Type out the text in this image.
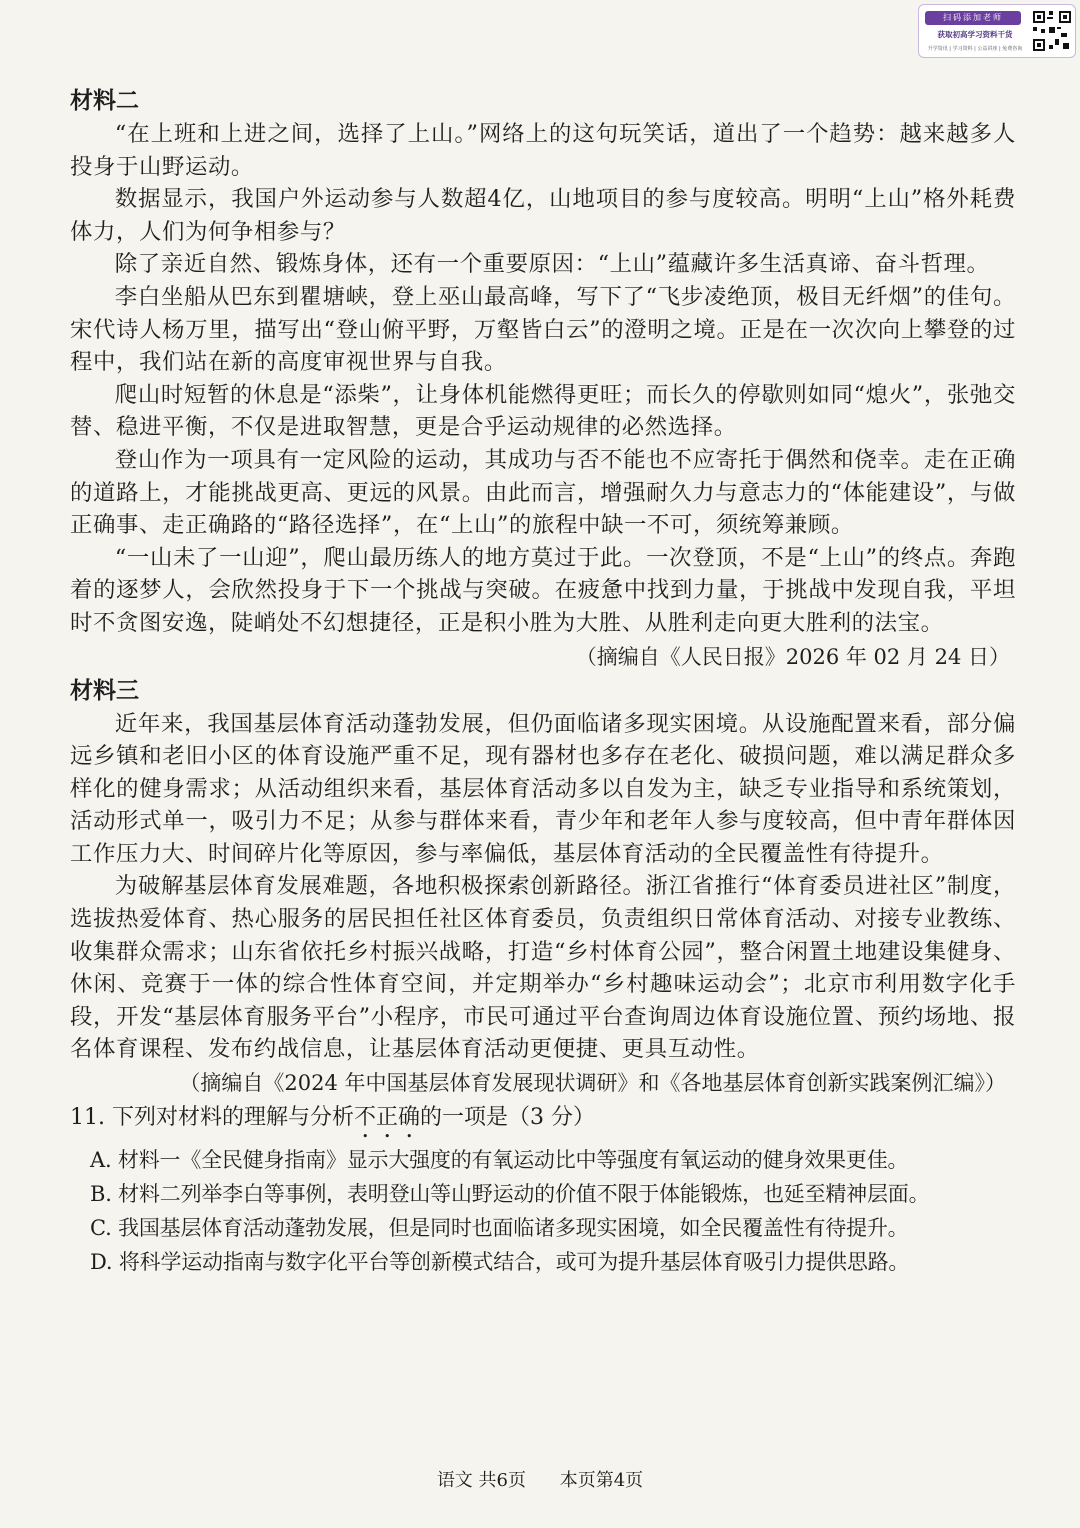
扫码添加老师
获取初高学习资料干货
升学资讯 | 学习资料 | 公益讲座 | 免费咨询
材料二

“在上班和上进之间，选择了上山。”网络上的这句玩笑话，道出了一个趋势：越来越多人投身于山野运动。

数据显示，我国户外运动参与人数超4亿，山地项目的参与度较高。明明“上山”格外耗费体力，人们为何争相参与？

除了亲近自然、锻炼身体，还有一个重要原因：“上山”蕴藏许多生活真谛、奋斗哲理。

李白坐船从巴东到瞿塘峡，登上巫山最高峰，写下了“飞步凌绝顶，极目无纤烟”的佳句。宋代诗人杨万里，描写出“登山俯平野，万壑皆白云”的澄明之境。正是在一次次向上攀登的过程中，我们站在新的高度审视世界与自我。

爬山时短暂的休息是“添柴”，让身体机能燃得更旺；而长久的停歇则如同“熄火”，张弛交替、稳进平衡，不仅是进取智慧，更是合乎运动规律的必然选择。

登山作为一项具有一定风险的运动，其成功与否不能也不应寄托于偶然和侥幸。走在正确的道路上，才能挑战更高、更远的风景。由此而言，增强耐久力与意志力的“体能建设”，与做正确事、走正确路的“路径选择”，在“上山”的旅程中缺一不可，须统筹兼顾。

“一山未了一山迎”，爬山最历练人的地方莫过于此。一次登顶，不是“上山”的终点。奔跑着的逐梦人，会欣然投身于下一个挑战与突破。在疲惫中找到力量，于挑战中发现自我，平坦时不贪图安逸，陡峭处不幻想捷径，正是积小胜为大胜、从胜利走向更大胜利的法宝。

（摘编自《人民日报》2026 年 02 月 24 日）

材料三

近年来，我国基层体育活动蓬勃发展，但仍面临诸多现实困境。从设施配置来看，部分偏远乡镇和老旧小区的体育设施严重不足，现有器材也多存在老化、破损问题，难以满足群众多样化的健身需求；从活动组织来看，基层体育活动多以自发为主，缺乏专业指导和系统策划，活动形式单一，吸引力不足；从参与群体来看，青少年和老年人参与度较高，但中青年群体因工作压力大、时间碎片化等原因，参与率偏低，基层体育活动的全民覆盖性有待提升。

为破解基层体育发展难题，各地积极探索创新路径。浙江省推行“体育委员进社区”制度，选拔热爱体育、热心服务的居民担任社区体育委员，负责组织日常体育活动、对接专业教练、收集群众需求；山东省依托乡村振兴战略，打造“乡村体育公园”，整合闲置土地建设集健身、休闲、竞赛于一体的综合性体育空间，并定期举办“乡村趣味运动会”；北京市利用数字化手段，开发“基层体育服务平台”小程序，市民可通过平台查询周边体育设施位置、预约场地、报名体育课程、发布约战信息，让基层体育活动更便捷、更具互动性。

（摘编自《2024 年中国基层体育发展现状调研》和《各地基层体育创新实践案例汇编》）

11. 下列对材料的理解与分析不正确的一项是（3 分）

A. 材料一《全民健身指南》显示大强度的有氧运动比中等强度有氧运动的健身效果更佳。

B. 材料二列举李白等事例，表明登山等山野运动的价值不限于体能锻炼，也延至精神层面。

C. 我国基层体育活动蓬勃发展，但是同时也面临诸多现实困境，如全民覆盖性有待提升。

D. 将科学运动指南与数字化平台等创新模式结合，或可为提升基层体育吸引力提供思路。

语文 共6页 本页第4页
